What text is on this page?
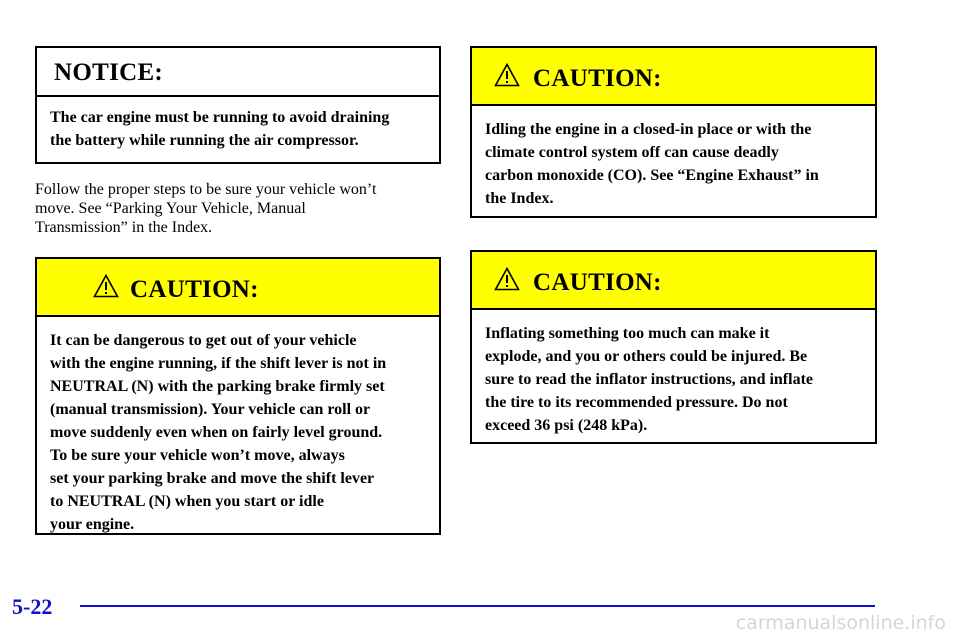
NOTICE:
The car engine must be running to avoid draining
the battery while running the air compressor.
Follow the proper steps to be sure your vehicle won’t
move. See “Parking Your Vehicle, Manual
Transmission” in the Index.
CAUTION:
It can be dangerous to get out of your vehicle
with the engine running, if the shift lever is not in
NEUTRAL (N) with the parking brake firmly set
(manual transmission). Your vehicle can roll or
move suddenly even when on fairly level ground.
To be sure your vehicle won’t move, always
set your parking brake and move the shift lever
to NEUTRAL (N) when you start or idle
your engine.
CAUTION:
Idling the engine in a closed-in place or with the
climate control system off can cause deadly
carbon monoxide (CO). See “Engine Exhaust” in
the Index.
CAUTION:
Inflating something too much can make it
explode, and you or others could be injured. Be
sure to read the inflator instructions, and inflate
the tire to its recommended pressure. Do not
exceed 36 psi (248 kPa).
5-22
carmanualsonline.info
